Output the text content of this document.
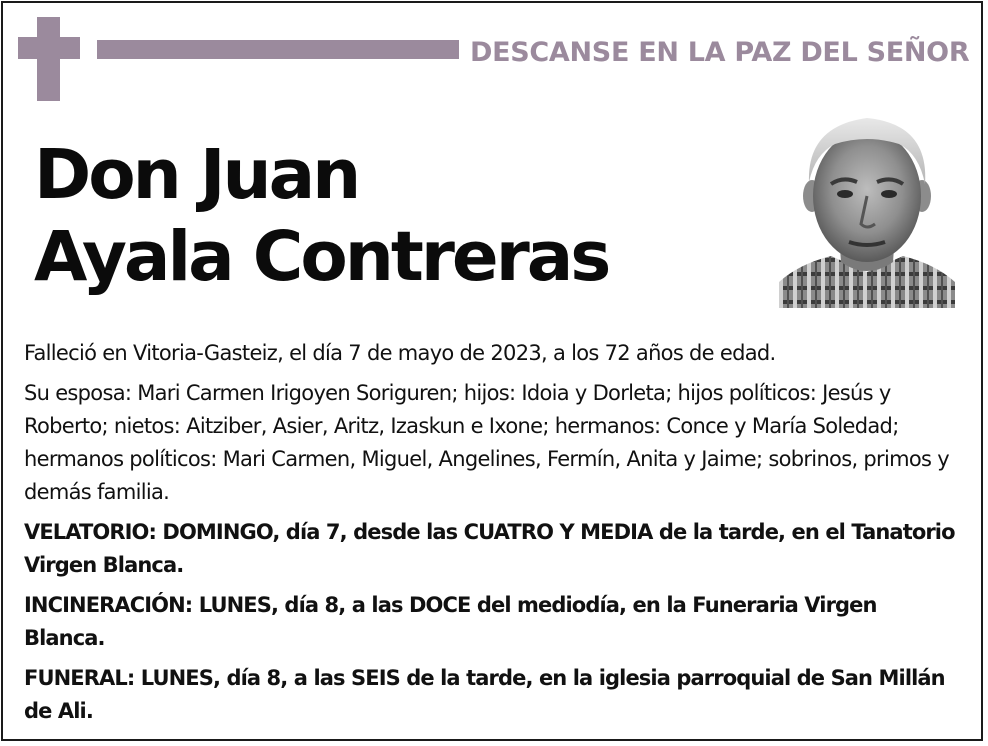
DESCANSE EN LA PAZ DEL SEÑOR
Don Juan
Ayala Contreras

Falleció en Vitoria-Gasteiz, el día 7 de mayo de 2023, a los 72 años de edad.

Su esposa: Mari Carmen Irigoyen Soriguren; hijos: Idoia y Dorleta; hijos políticos: Jesús y Roberto; nietos: Aitziber, Asier, Aritz, Izaskun e Ixone; hermanos: Conce y María Soledad; hermanos políticos: Mari Carmen, Miguel, Angelines, Fermín, Anita y Jaime; sobrinos, primos y demás familia.

VELATORIO: DOMINGO, día 7, desde las CUATRO Y MEDIA de la tarde, en el Tanatorio Virgen Blanca.

INCINERACIÓN: LUNES, día 8, a las DOCE del mediodía, en la Funeraria Virgen Blanca.

FUNERAL: LUNES, día 8, a las SEIS de la tarde, en la iglesia parroquial de San Millán de Ali.
